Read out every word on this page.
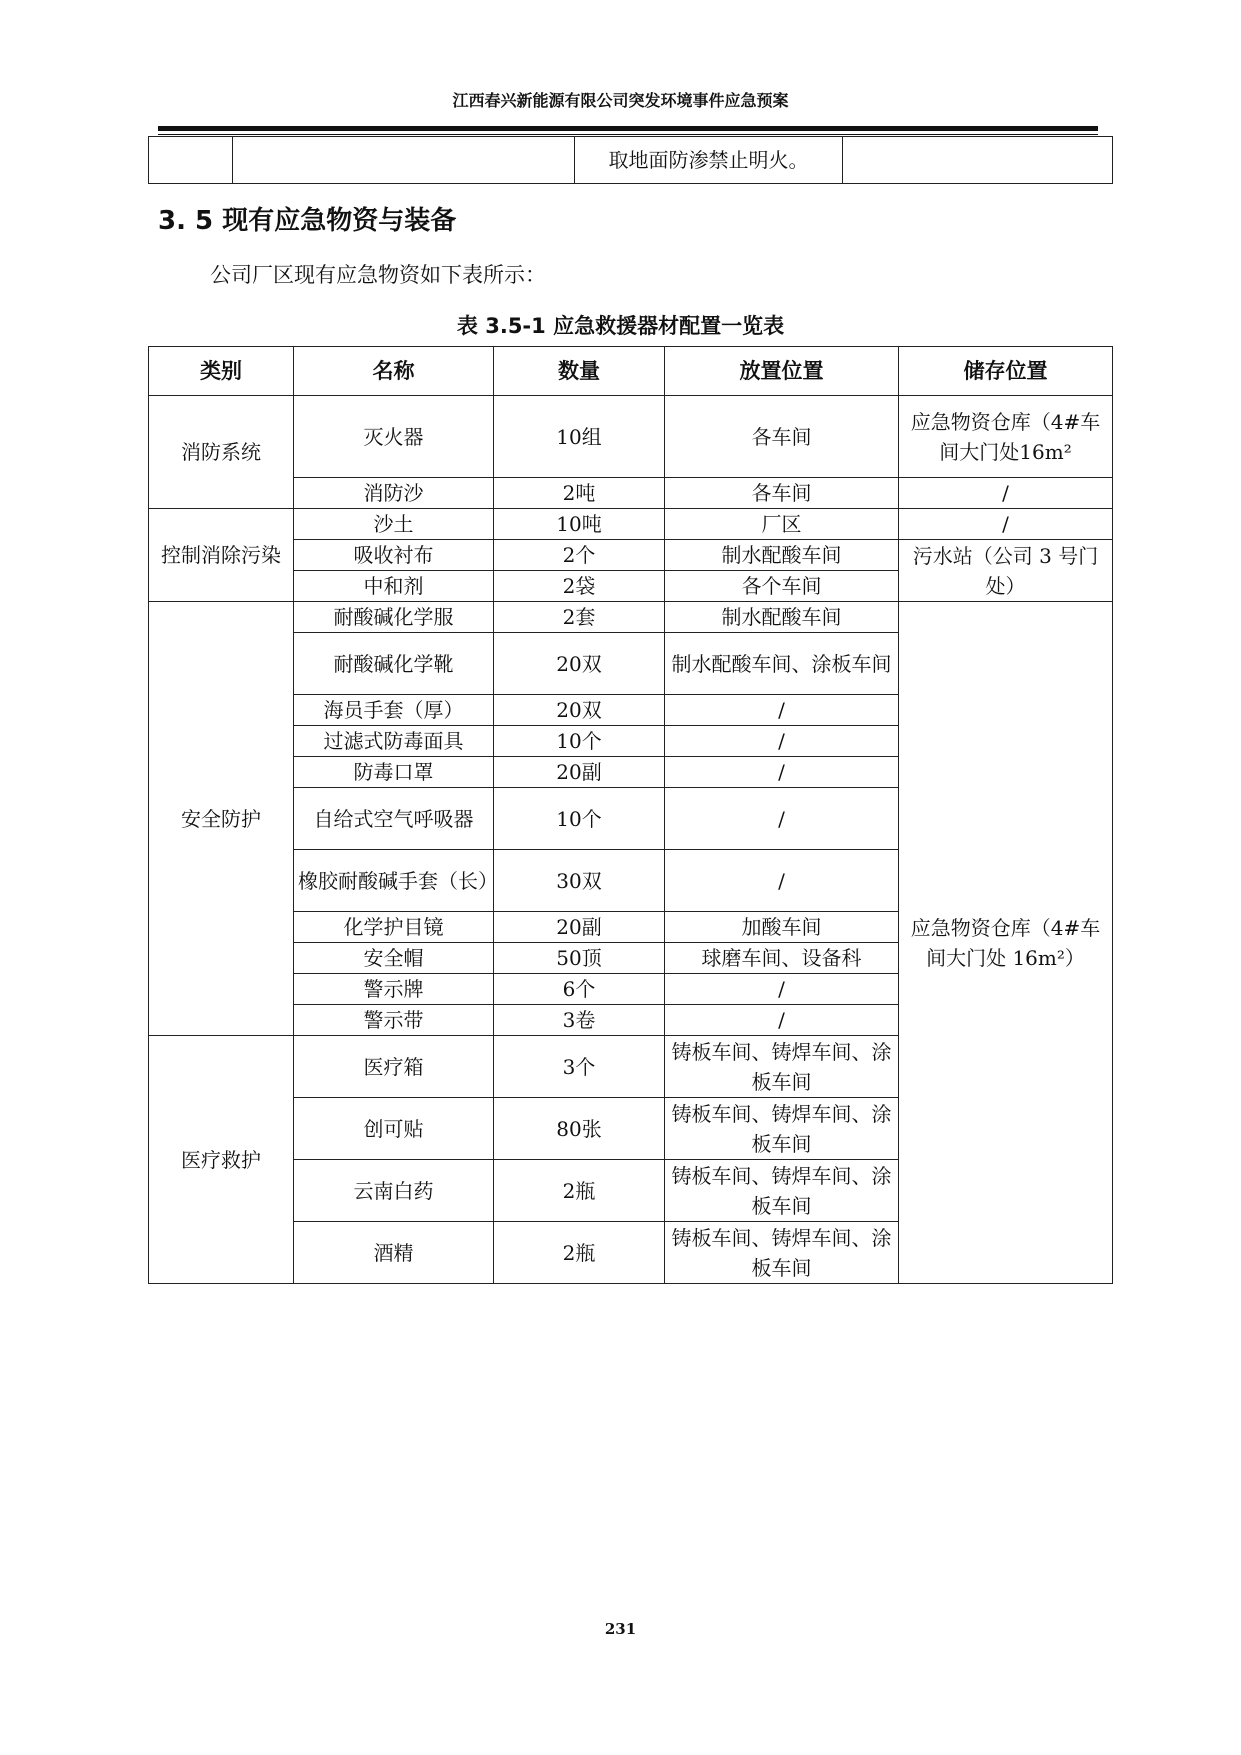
江西春兴新能源有限公司突发环境事件应急预案
		取地面防渗禁止明火。	
3. 5 现有应急物资与装备
公司厂区现有应急物资如下表所示：
表 3.5-1 应急救援器材配置一览表
类别	名称	数量	放置位置	储存位置
消防系统	灭火器	10组	各车间	应急物资仓库（4#车间大门处16m²
	消防沙	2吨	各车间	/
控制消除污染	沙土	10吨	厂区	/
	吸收衬布	2个	制水配酸车间	污水站（公司 3 号门处）
	中和剂	2袋	各个车间	
安全防护	耐酸碱化学服	2套	制水配酸车间	应急物资仓库（4#车间大门处 16m²）
	耐酸碱化学靴	20双	制水配酸车间、涂板车间	
	海员手套（厚）	20双	/	
	过滤式防毒面具	10个	/	
	防毒口罩	20副	/	
	自给式空气呼吸器	10个	/	
	橡胶耐酸碱手套（长）	30双	/	
	化学护目镜	20副	加酸车间	
	安全帽	50顶	球磨车间、设备科	
	警示牌	6个	/	
	警示带	3卷	/	
医疗救护	医疗箱	3个	铸板车间、铸焊车间、涂板车间	
	创可贴	80张	铸板车间、铸焊车间、涂板车间	
	云南白药	2瓶	铸板车间、铸焊车间、涂板车间	
	酒精	2瓶	铸板车间、铸焊车间、涂板车间	
231
